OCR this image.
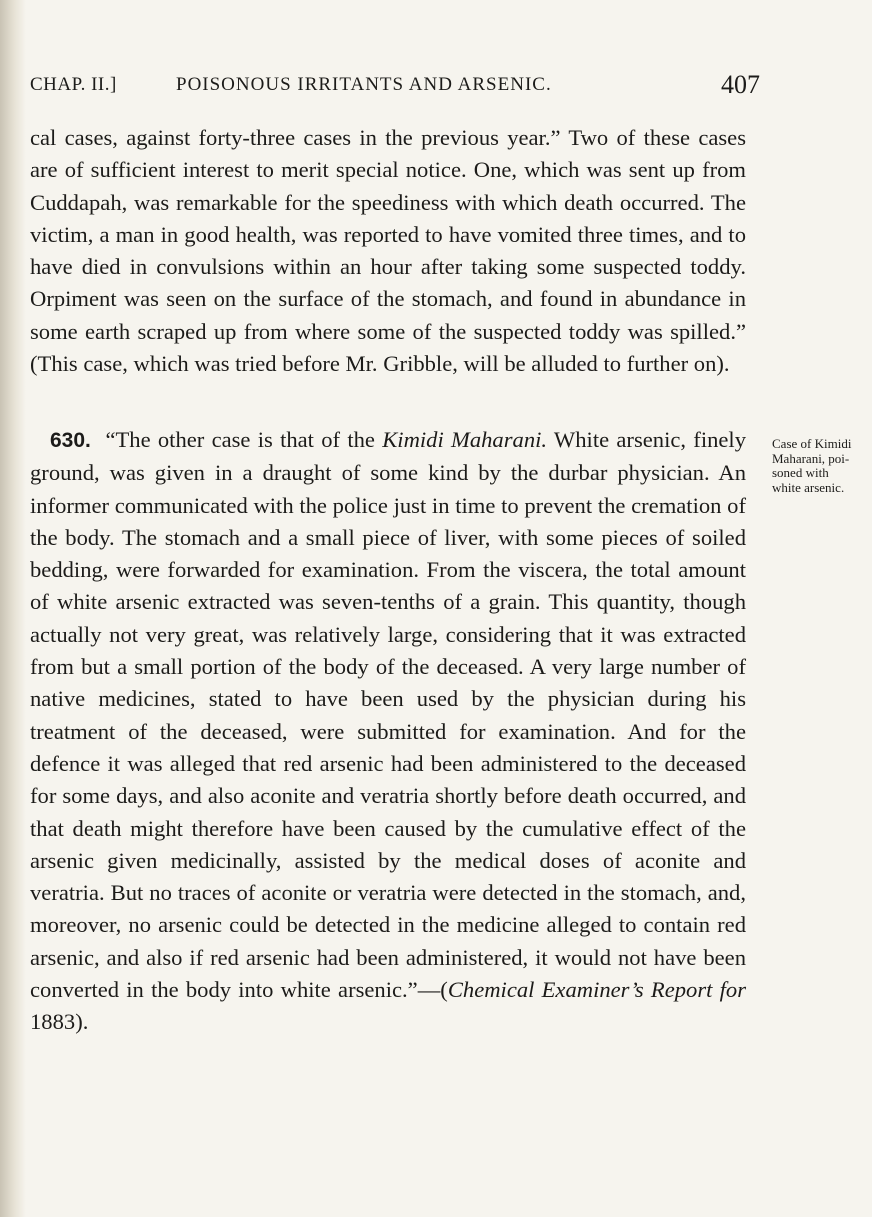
CHAP. II.]	POISONOUS IRRITANTS AND ARSENIC.	407

cal cases, against forty-three cases in the previous year.” Two of these cases are of sufficient interest to merit special notice. One, which was sent up from Cuddapah, was remarkable for the speediness with which death occurred. The victim, a man in good health, was reported to have vomited three times, and to have died in convulsions within an hour after taking some suspected toddy. Orpiment was seen on the surface of the stomach, and found in abundance in some earth scraped up from where some of the suspected toddy was spilled.” (This case, which was tried before Mr. Gribble, will be alluded to further on).

630. “The other case is that of the Kimidi Maharani. White arsenic, finely ground, was given in a draught of some kind by the durbar physician. An informer communicated with the police just in time to prevent the cremation of the body. The stomach and a small piece of liver, with some pieces of soiled bedding, were forwarded for examination. From the viscera, the total amount of white arsenic extracted was seven-tenths of a grain. This quantity, though actually not very great, was relatively large, considering that it was extracted from but a small portion of the body of the deceased. A very large number of native medicines, stated to have been used by the physician during his treatment of the deceased, were submitted for examination. And for the defence it was alleged that red arsenic had been administered to the deceased for some days, and also aconite and veratria shortly before death occurred, and that death might therefore have been caused by the cumulative effect of the arsenic given medicinally, assisted by the medical doses of aconite and veratria. But no traces of aconite or veratria were detected in the stomach, and, moreover, no arsenic could be detected in the medicine alleged to contain red arsenic, and also if red arsenic had been administered, it would not have been converted in the body into white arsenic.”—(Chemical Examiner’s Report for 1883).

Case of Kimidi
Maharani, poi-
soned with
white arsenic.
